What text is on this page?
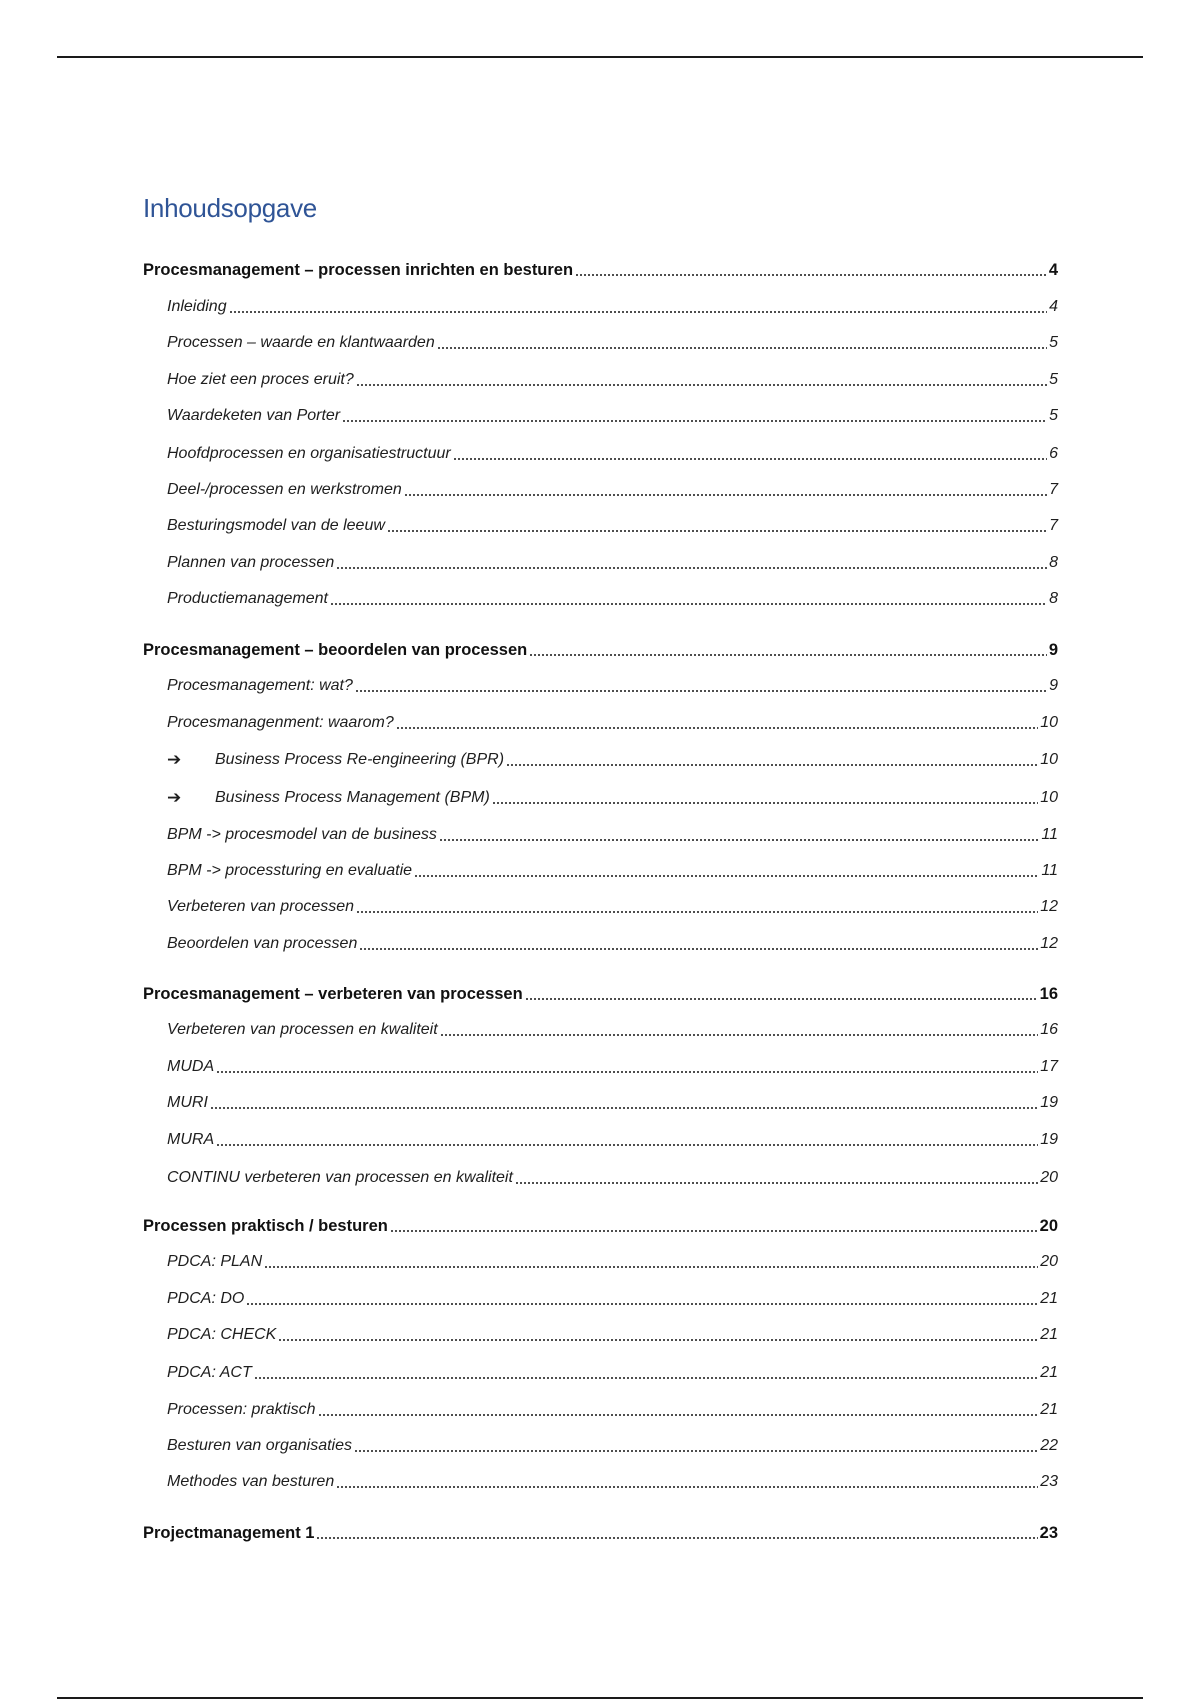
Inhoudsopgave
Procesmanagement – processen inrichten en besturen	4
Inleiding	4
Processen – waarde en klantwaarden	5
Hoe ziet een proces eruit?	5
Waardeketen van Porter	5
Hoofdprocessen en organisatiestructuur	6
Deel-/processen en werkstromen	7
Besturingsmodel van de leeuw	7
Plannen van processen	8
Productiemanagement	8
Procesmanagement – beoordelen van processen	9
Procesmanagement: wat?	9
Procesmanagenment: waarom?	10
➔	Business Process Re-engineering (BPR)	10
➔	Business Process Management (BPM)	10
BPM -> procesmodel van de business	11
BPM -> processturing en evaluatie	11
Verbeteren van processen	12
Beoordelen van processen	12
Procesmanagement – verbeteren van processen	16
Verbeteren van processen en kwaliteit	16
MUDA	17
MURI	19
MURA	19
CONTINU verbeteren van processen en kwaliteit	20
Processen praktisch / besturen	20
PDCA: PLAN	20
PDCA: DO	21
PDCA: CHECK	21
PDCA: ACT	21
Processen: praktisch	21
Besturen van organisaties	22
Methodes van besturen	23
Projectmanagement 1	23
